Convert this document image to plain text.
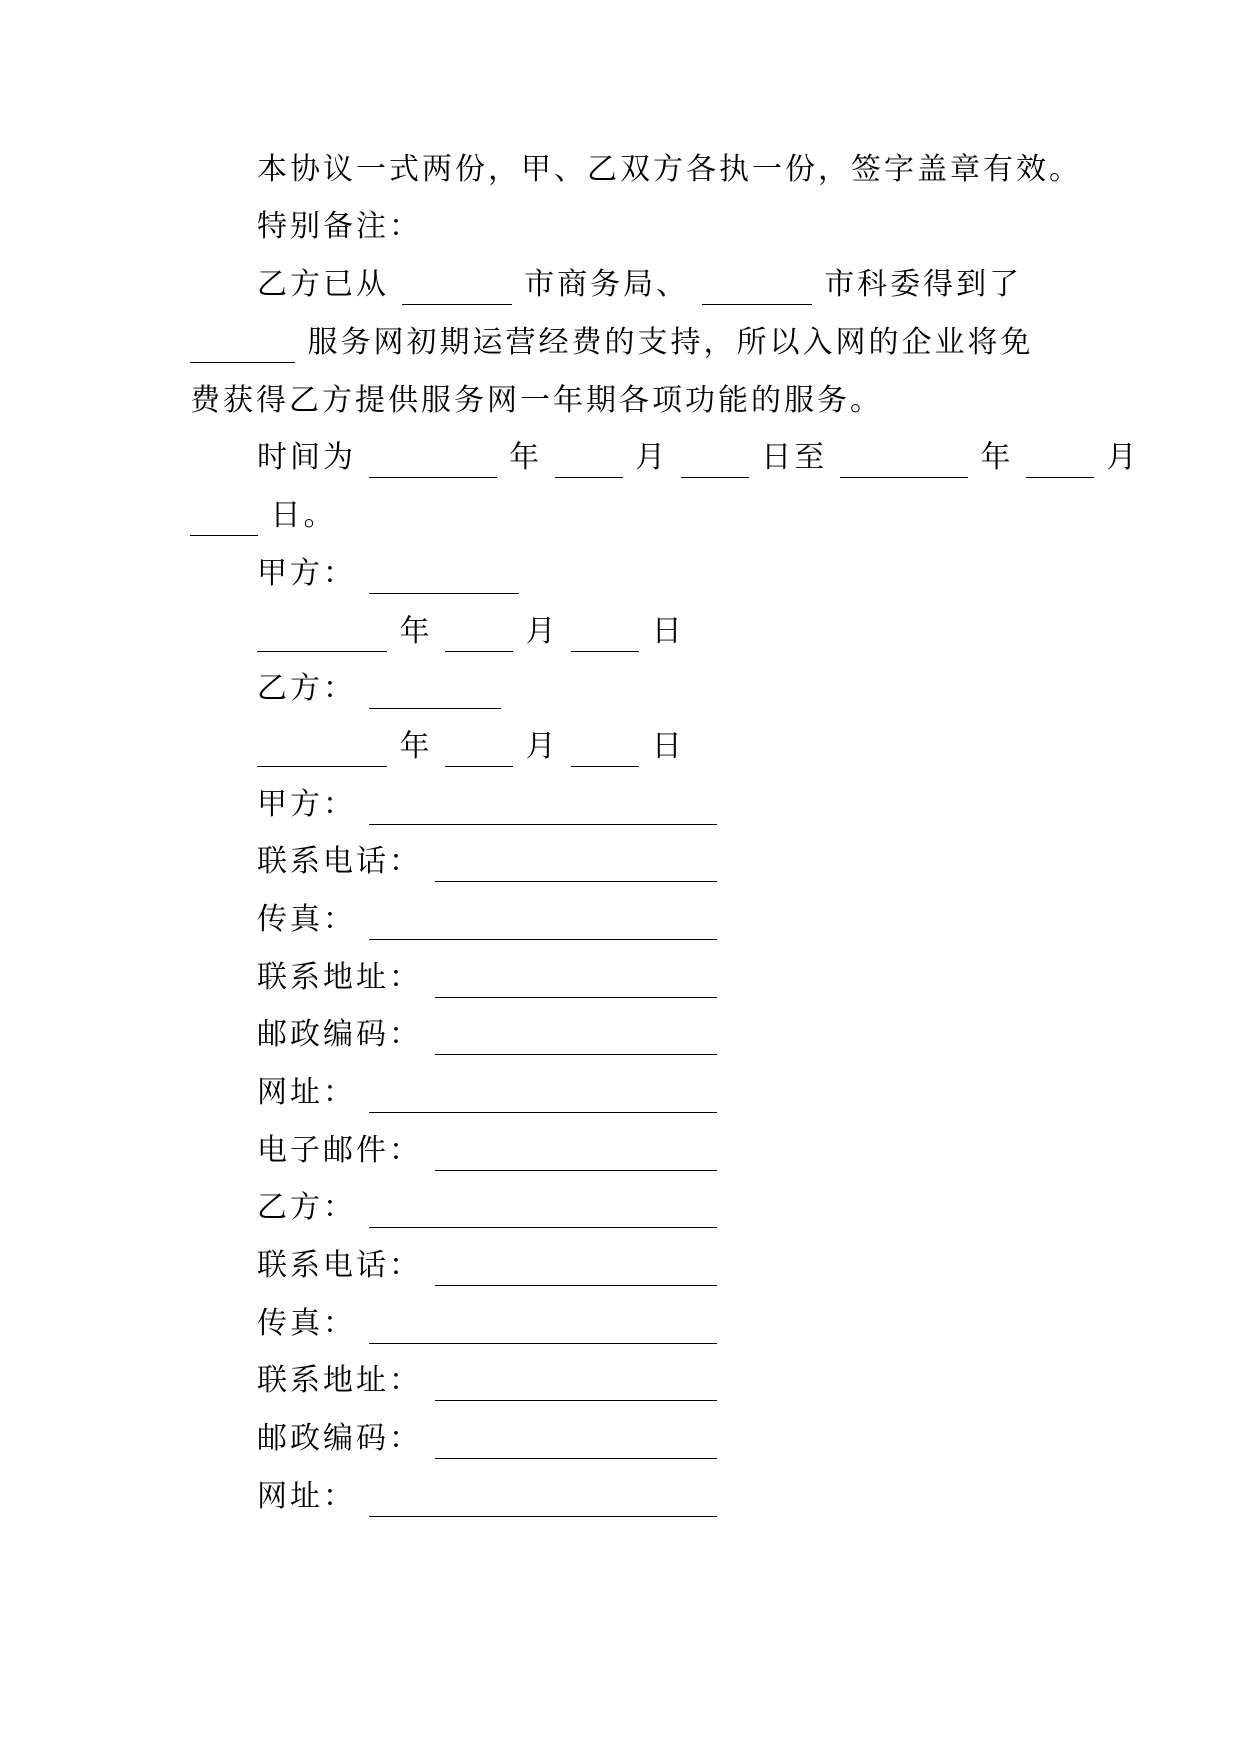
本协议一式两份，甲、乙双方各执一份，签字盖章有效。
特别备注：
乙方已从	市商务局、	市科委得到了
服务网初期运营经费的支持，所以入网的企业将免
费获得乙方提供服务网一年期各项功能的服务。
时间为	年	月	日至	年	月
日。
甲方：
年	月	日
乙方：
年	月	日
甲方：
联系电话：
传真：
联系地址：
邮政编码：
网址：
电子邮件：
乙方：
联系电话：
传真：
联系地址：
邮政编码：
网址：
